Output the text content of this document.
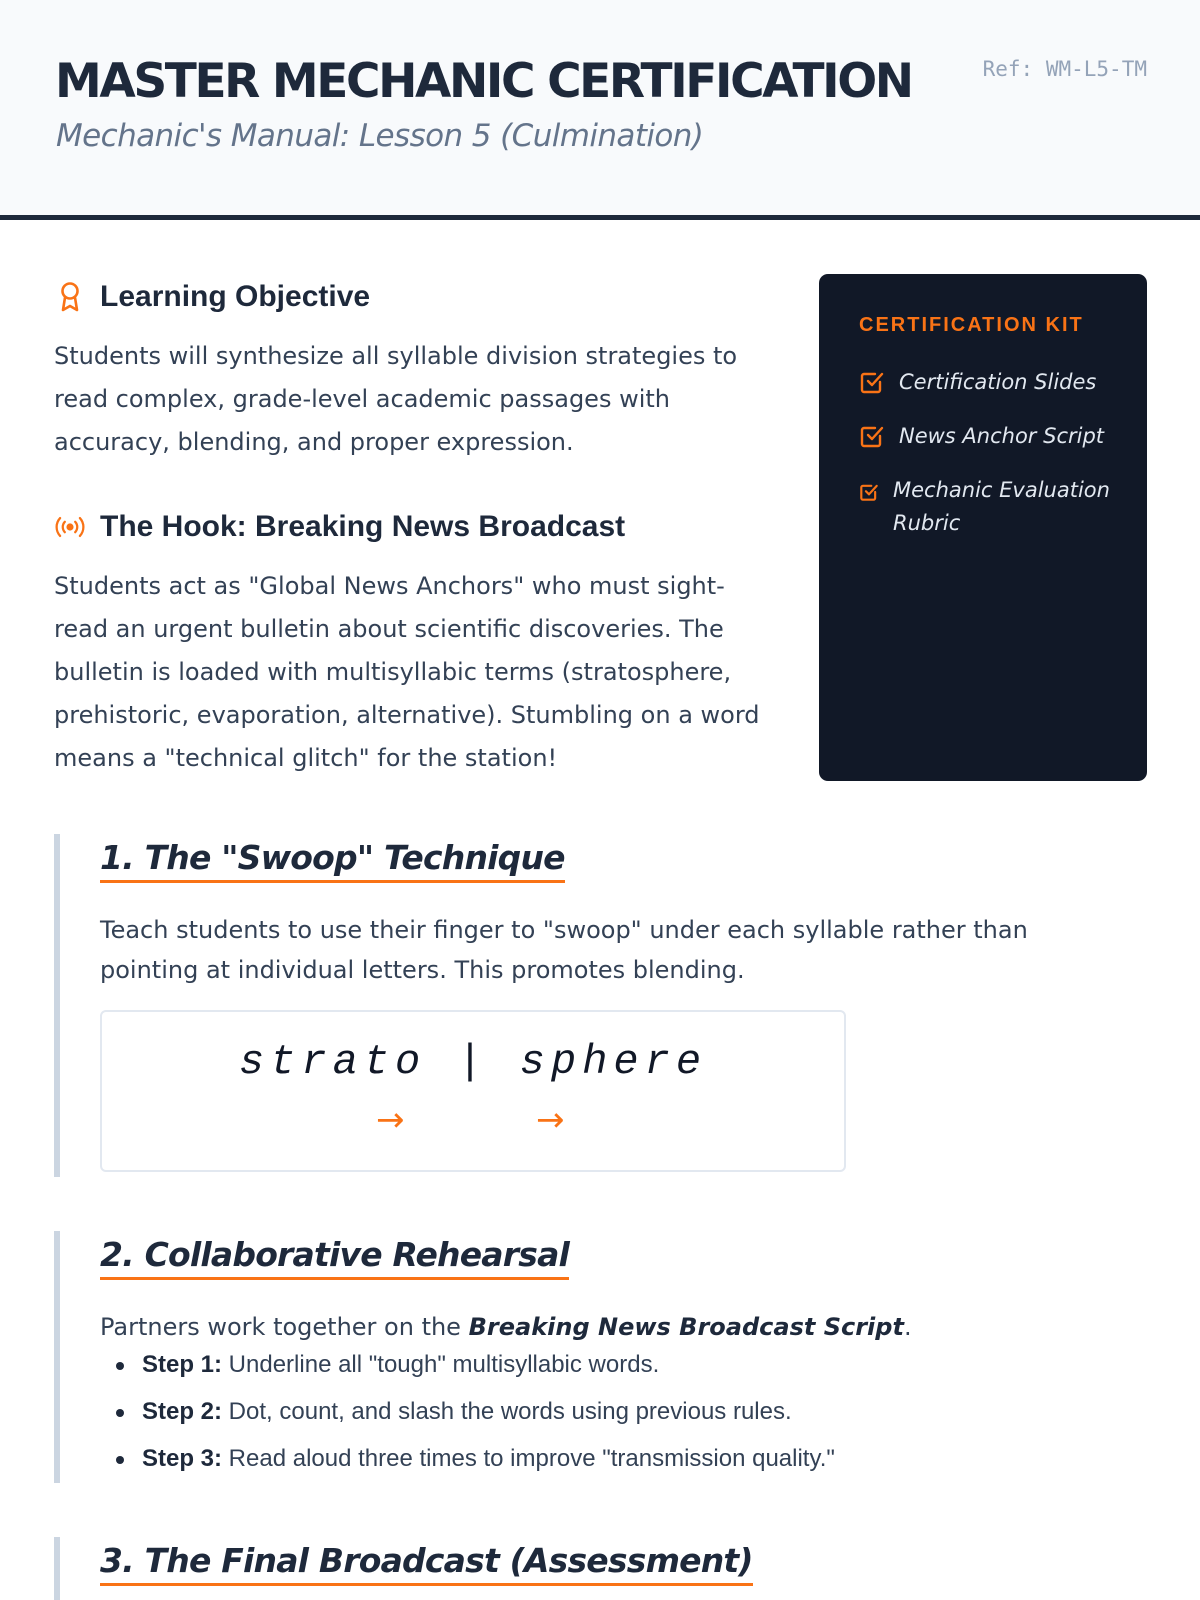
MASTER MECHANIC CERTIFICATION
Mechanic's Manual: Lesson 5 (Culmination)
Ref: WM-L5-TM
Learning Objective
Students will synthesize all syllable division strategies to read complex, grade-level academic passages with accuracy, blending, and proper expression.
The Hook: Breaking News Broadcast
Students act as "Global News Anchors" who must sight-read an urgent bulletin about scientific discoveries. The bulletin is loaded with multisyllabic terms (stratosphere, prehistoric, evaporation, alternative). Stumbling on a word means a "technical glitch" for the station!
CERTIFICATION KIT
Certification Slides
News Anchor Script
Mechanic Evaluation Rubric
1. The "Swoop" Technique
Teach students to use their finger to "swoop" under each syllable rather than pointing at individual letters. This promotes blending.
strato | sphere
→	→
2. Collaborative Rehearsal
Partners work together on the Breaking News Broadcast Script.
Step 1: Underline all "tough" multisyllabic words.
Step 2: Dot, count, and slash the words using previous rules.
Step 3: Read aloud three times to improve "transmission quality."
3. The Final Broadcast (Assessment)
